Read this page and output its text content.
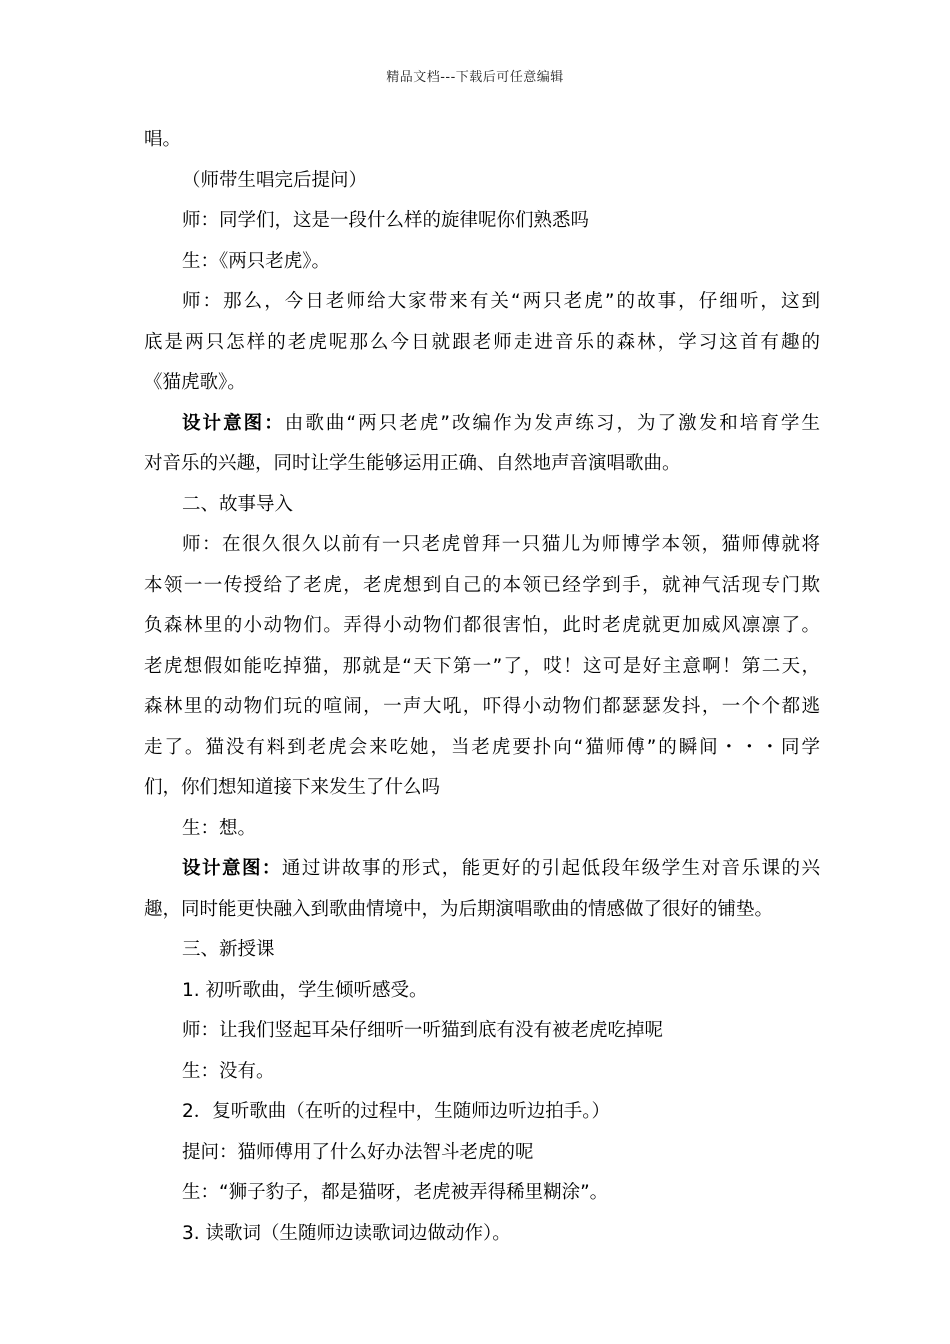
精品文档---下载后可任意编辑
唱。
（师带生唱完后提问）
师：同学们，这是一段什么样的旋律呢你们熟悉吗
生：《两只老虎》。
师：那么，今日老师给大家带来有关“两只老虎”的故事，仔细听，这到
底是两只怎样的老虎呢那么今日就跟老师走进音乐的森林，学习这首有趣的
《猫虎歌》。
设计意图：由歌曲“两只老虎”改编作为发声练习，为了激发和培育学生
对音乐的兴趣，同时让学生能够运用正确、自然地声音演唱歌曲。
二、故事导入
师：在很久很久以前有一只老虎曾拜一只猫儿为师博学本领，猫师傅就将
本领一一传授给了老虎，老虎想到自己的本领已经学到手，就神气活现专门欺
负森林里的小动物们。弄得小动物们都很害怕，此时老虎就更加威风凛凛了。
老虎想假如能吃掉猫，那就是“天下第一”了，哎！这可是好主意啊！第二天，
森林里的动物们玩的喧闹，一声大吼，吓得小动物们都瑟瑟发抖，一个个都逃
走了。猫没有料到老虎会来吃她，当老虎要扑向“猫师傅”的瞬间・・・同学
们，你们想知道接下来发生了什么吗
生：想。
设计意图：通过讲故事的形式，能更好的引起低段年级学生对音乐课的兴
趣，同时能更快融入到歌曲情境中，为后期演唱歌曲的情感做了很好的铺垫。
三、新授课
1. 初听歌曲，学生倾听感受。
师：让我们竖起耳朵仔细听一听猫到底有没有被老虎吃掉呢
生：没有。
2．复听歌曲（在听的过程中，生随师边听边拍手。）
提问：猫师傅用了什么好办法智斗老虎的呢
生：“狮子豹子，都是猫呀，老虎被弄得稀里糊涂”。
3. 读歌词（生随师边读歌词边做动作）。
